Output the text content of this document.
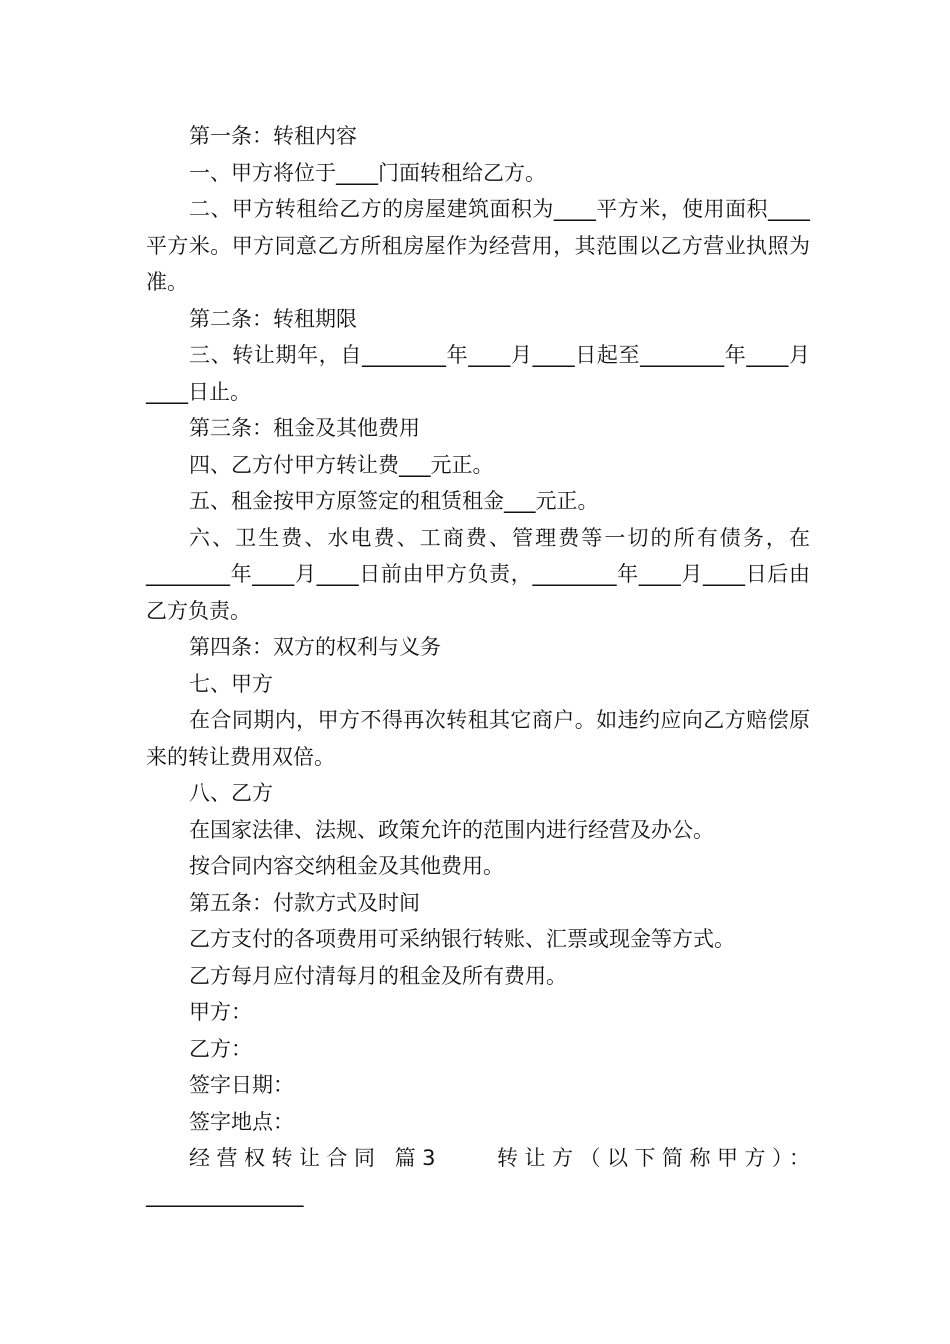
第一条：转租内容

一、甲方将位于____门面转租给乙方。

二、甲方转租给乙方的房屋建筑面积为____平方米，使用面积____平方米。甲方同意乙方所租房屋作为经营用，其范围以乙方营业执照为准。

第二条：转租期限

三、转让期年，自________年____月____日起至________年____月____日止。

第三条：租金及其他费用

四、乙方付甲方转让费___元正。

五、租金按甲方原签定的租赁租金___元正。

六、卫生费、水电费、工商费、管理费等一切的所有债务，在________年____月____日前由甲方负责，________年____月____日后由乙方负责。

第四条：双方的权利与义务

七、甲方

在合同期内，甲方不得再次转租其它商户。如违约应向乙方赔偿原来的转让费用双倍。

八、乙方

在国家法律、法规、政策允许的范围内进行经营及办公。

按合同内容交纳租金及其他费用。

第五条：付款方式及时间

乙方支付的各项费用可采纳银行转账、汇票或现金等方式。

乙方每月应付清每月的租金及所有费用。

甲方：

乙方：

签字日期：

签字地点：

经营权转让合同 篇3　　转让方（以下简称甲方）：_______________
